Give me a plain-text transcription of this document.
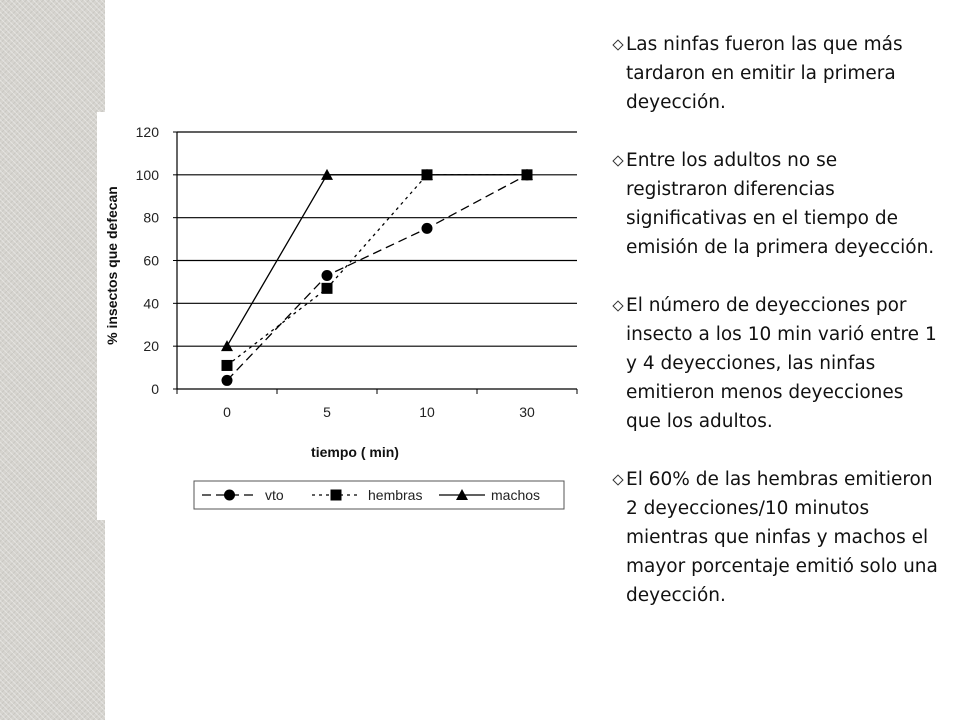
0
20
40
60
80
100
120
0	5	10	30
tiempo ( min)
% insectos que defecan
vto	hembras	machos
Las ninfas fueron las que más tardaron en emitir la primera deyección.
Entre los adultos no se registraron diferencias significativas en el tiempo de emisión de la primera deyección.
El número de deyecciones por insecto a los 10 min varió entre 1 y 4 deyecciones, las ninfas emitieron menos deyecciones que los adultos.
El 60% de las hembras emitieron 2 deyecciones/10 minutos mientras que ninfas y machos el mayor porcentaje emitió solo una deyección.
